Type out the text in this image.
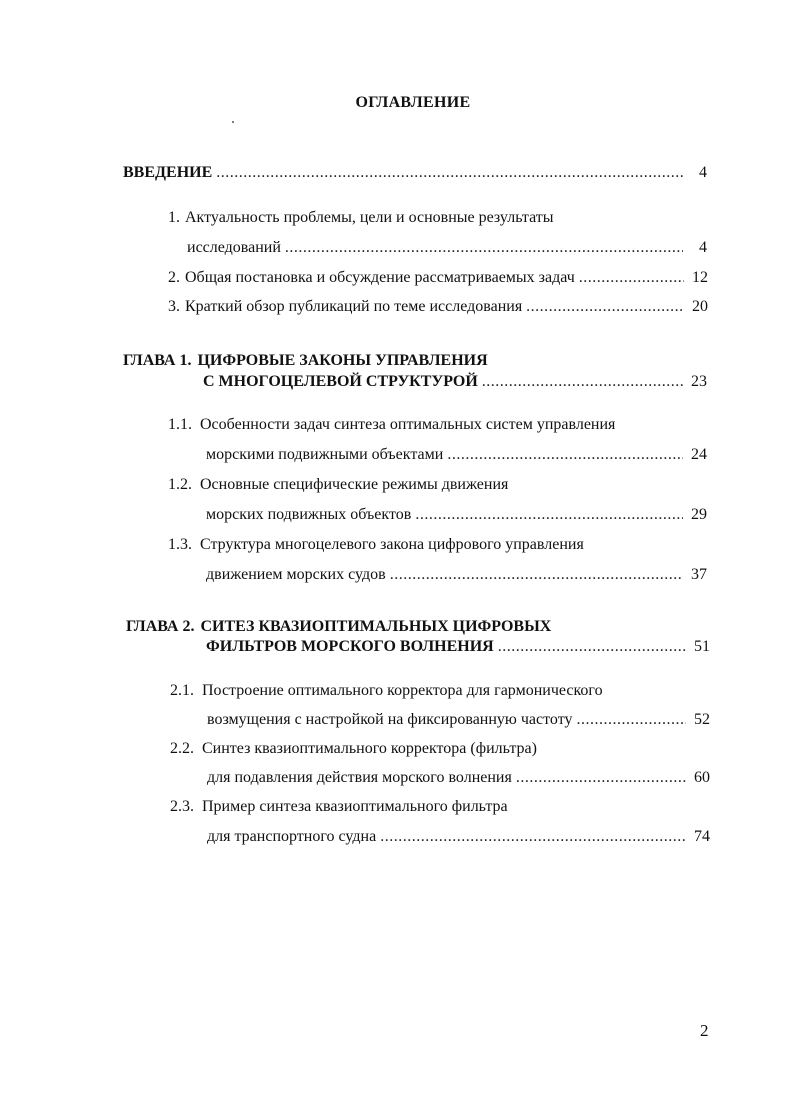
ОГЛАВЛЕНИЕ
ВВЕДЕНИЕ .....	4
1. Актуальность проблемы, цели и основные результаты
исследований .....	4
2. Общая постановка и обсуждение рассматриваемых задач .....	12
3. Краткий обзор публикаций по теме исследования .....	20
ГЛАВА 1. ЦИФРОВЫЕ ЗАКОНЫ УПРАВЛЕНИЯ
С МНОГОЦЕЛЕВОЙ СТРУКТУРОЙ .....	23
1.1. Особенности задач синтеза оптимальных систем управления
морскими подвижными объектами .....	24
1.2. Основные специфические режимы движения
морских подвижных объектов .....	29
1.3. Структура многоцелевого закона цифрового управления
движением морских судов .....	37
ГЛАВА 2. СИТЕЗ КВАЗИОПТИМАЛЬНЫХ ЦИФРОВЫХ
ФИЛЬТРОВ МОРСКОГО ВОЛНЕНИЯ .....	51
2.1. Построение оптимального корректора для гармонического
возмущения с настройкой на фиксированную частоту .....	52
2.2. Синтез квазиоптимального корректора (фильтра)
для подавления действия морского волнения .....	60
2.3. Пример синтеза квазиоптимального фильтра
для транспортного судна .....	74
2
